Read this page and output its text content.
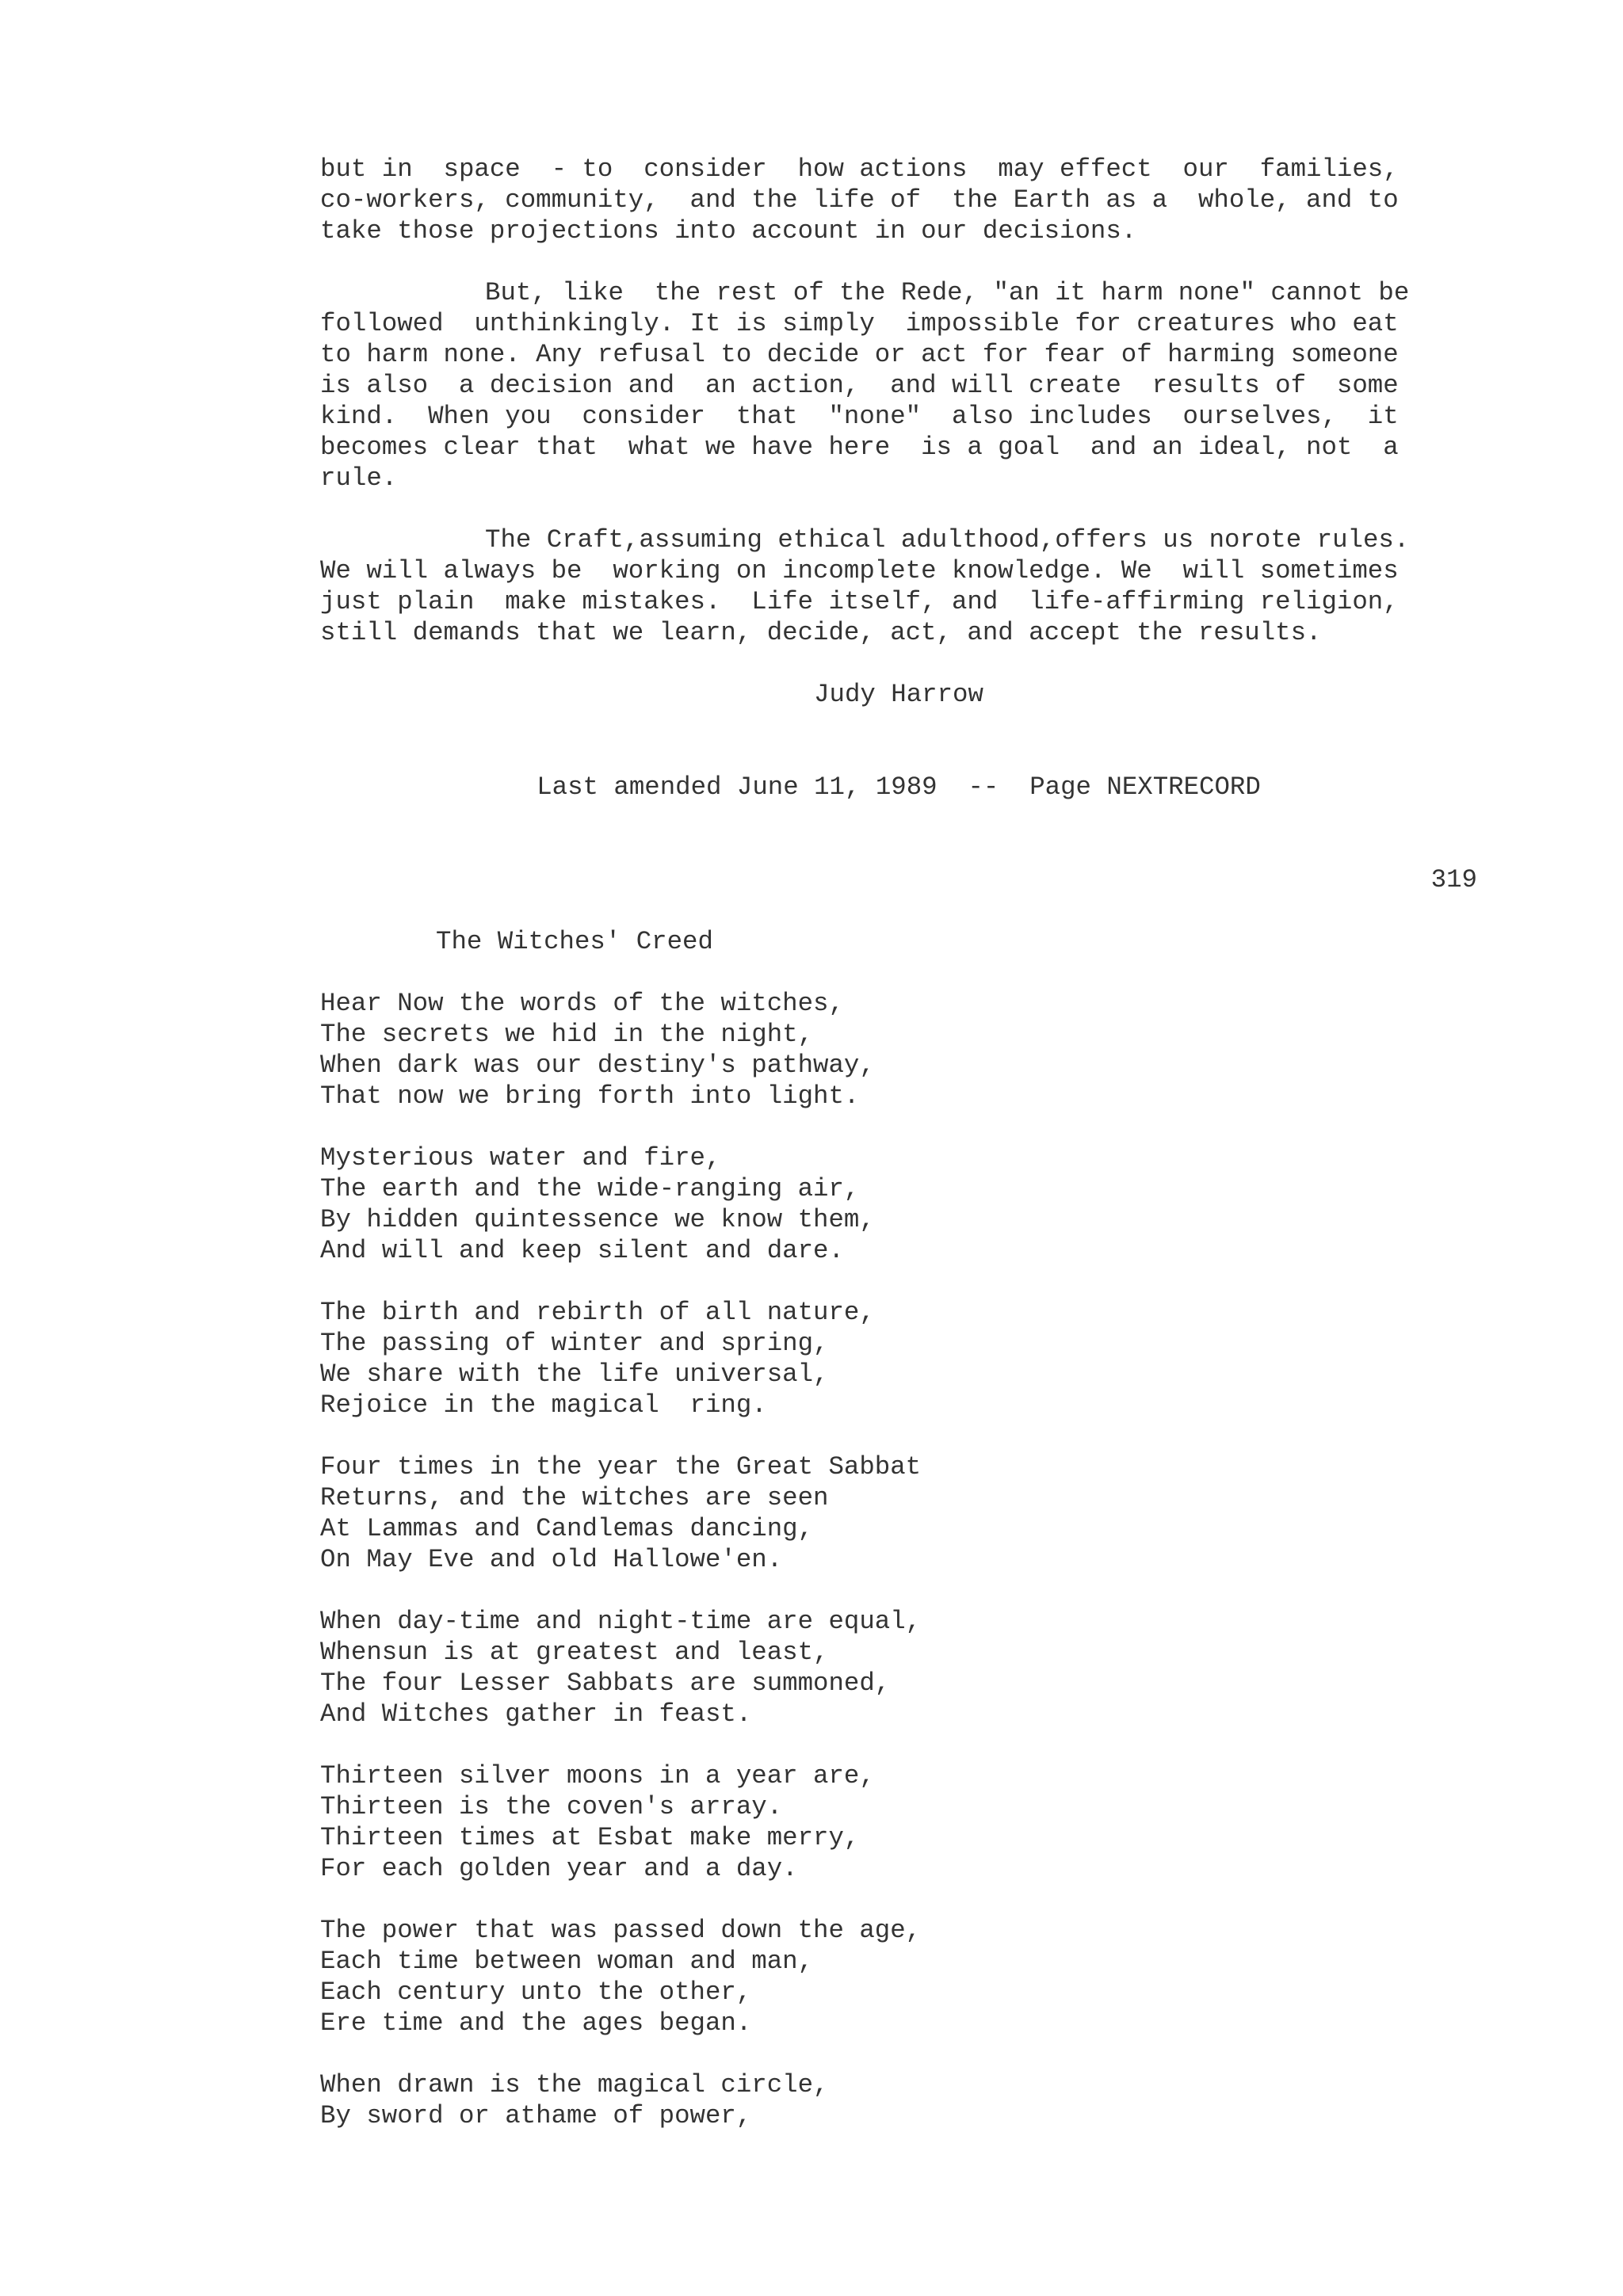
but in  space  - to  consider  how actions  may effect  our  families,
co-workers, community,  and the life of  the Earth as a  whole, and to
take those projections into account in our decisions.
But, like  the rest of the Rede, "an it harm none" cannot be
followed  unthinkingly. It is simply  impossible for creatures who eat
to harm none. Any refusal to decide or act for fear of harming someone
is also  a decision and  an action,  and will create  results of  some
kind.  When you  consider  that  "none"  also includes  ourselves,  it
becomes clear that  what we have here  is a goal  and an ideal, not  a
rule.
The Craft,assuming ethical adulthood,offers us norote rules.
We will always be  working on incomplete knowledge. We  will sometimes
just plain  make mistakes.  Life itself, and  life-affirming religion,
still demands that we learn, decide, act, and accept the results.
Judy Harrow
Last amended June 11, 1989  --  Page NEXTRECORD
319
The Witches' Creed
Hear Now the words of the witches,
The secrets we hid in the night,
When dark was our destiny's pathway,
That now we bring forth into light.
Mysterious water and fire,
The earth and the wide-ranging air,
By hidden quintessence we know them,
And will and keep silent and dare.
The birth and rebirth of all nature,
The passing of winter and spring,
We share with the life universal,
Rejoice in the magical  ring.
Four times in the year the Great Sabbat
Returns, and the witches are seen
At Lammas and Candlemas dancing,
On May Eve and old Hallowe'en.
When day-time and night-time are equal,
Whensun is at greatest and least,
The four Lesser Sabbats are summoned,
And Witches gather in feast.
Thirteen silver moons in a year are,
Thirteen is the coven's array.
Thirteen times at Esbat make merry,
For each golden year and a day.
The power that was passed down the age,
Each time between woman and man,
Each century unto the other,
Ere time and the ages began.
When drawn is the magical circle,
By sword or athame of power,
